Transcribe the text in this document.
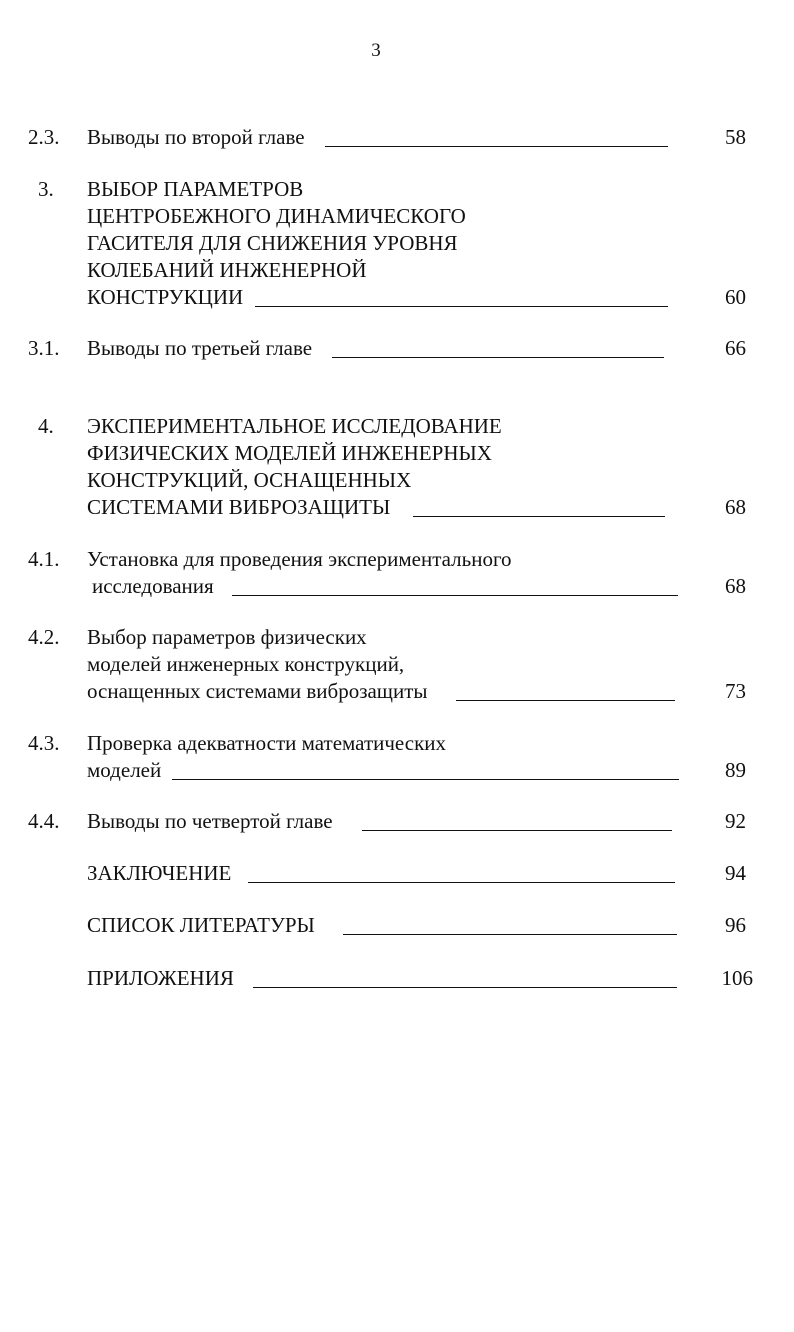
3
2.3. Выводы по второй главе	58
3. ВЫБОР ПАРАМЕТРОВ
ЦЕНТРОБЕЖНОГО ДИНАМИЧЕСКОГО
ГАСИТЕЛЯ ДЛЯ СНИЖЕНИЯ УРОВНЯ
КОЛЕБАНИЙ ИНЖЕНЕРНОЙ
КОНСТРУКЦИИ	60
3.1. Выводы по третьей главе	66
4. ЭКСПЕРИМЕНТАЛЬНОЕ ИССЛЕДОВАНИЕ
ФИЗИЧЕСКИХ МОДЕЛЕЙ ИНЖЕНЕРНЫХ
КОНСТРУКЦИЙ, ОСНАЩЕННЫХ
СИСТЕМАМИ ВИБРОЗАЩИТЫ	68
4.1. Установка для проведения экспериментального
исследования	68
4.2. Выбор параметров физических
моделей инженерных конструкций,
оснащенных системами виброзащиты	73
4.3. Проверка адекватности математических
моделей	89
4.4. Выводы по четвертой главе	92
ЗАКЛЮЧЕНИЕ	94
СПИСОК ЛИТЕРАТУРЫ	96
ПРИЛОЖЕНИЯ	106
